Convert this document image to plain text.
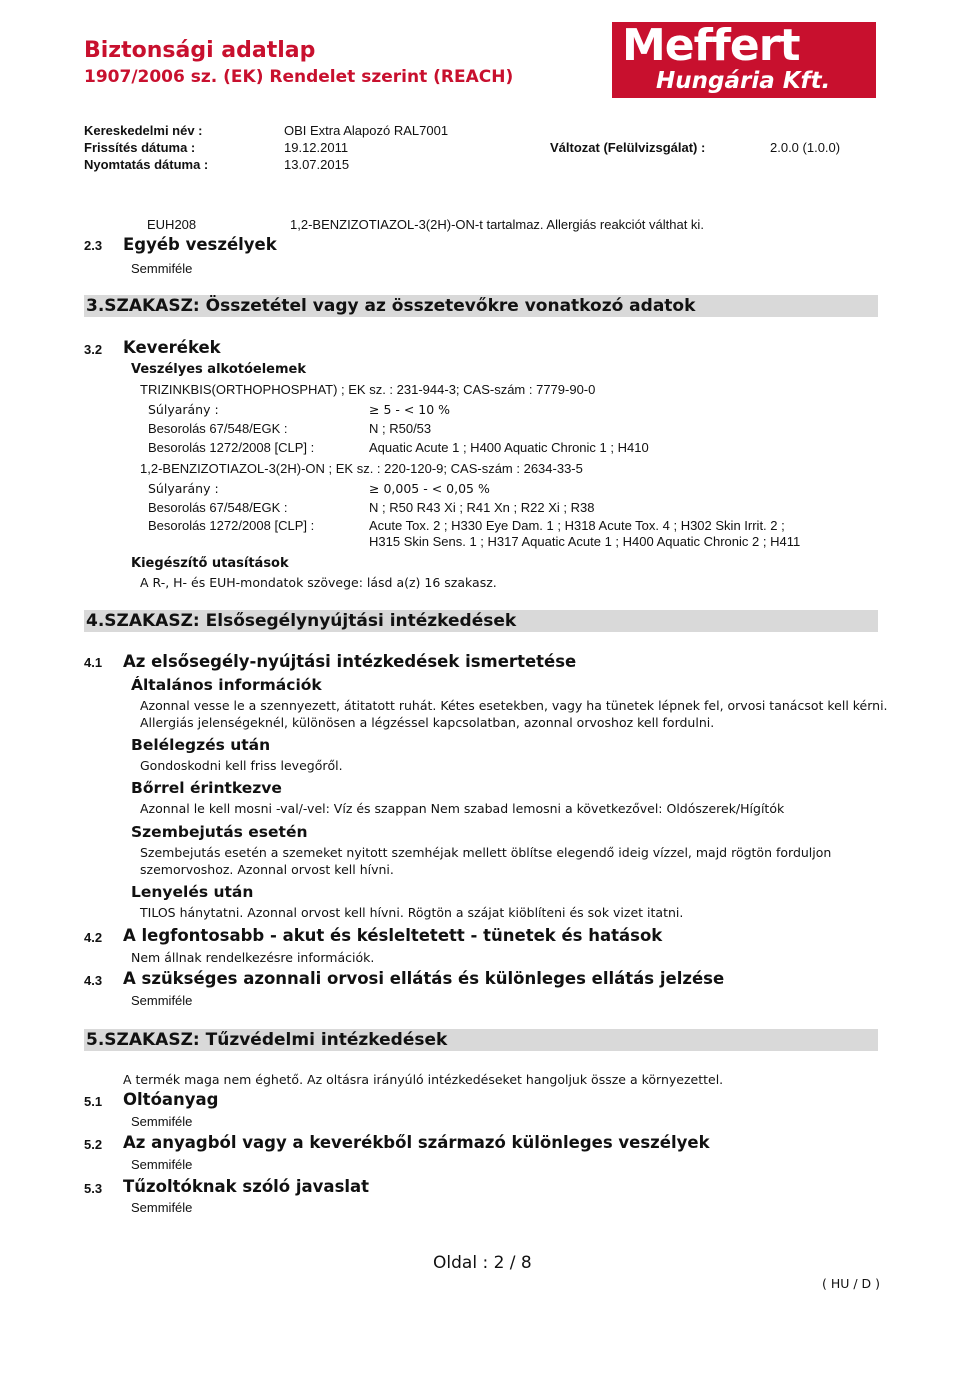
Biztonsági adatlap
1907/2006 sz. (EK) Rendelet szerint (REACH)
Meffert
Hungária Kft.
Kereskedelmi név :	OBI Extra Alapozó RAL7001
Frissítés dátuma :	19.12.2011	Változat (Felülvizsgálat) :	2.0.0 (1.0.0)
Nyomtatás dátuma :	13.07.2015
EUH208	1,2-BENZIZOTIAZOL-3(2H)-ON-t tartalmaz. Allergiás reakciót válthat ki.
2.3 Egyéb veszélyek
Semmiféle
3.SZAKASZ: Összetétel vagy az összetevőkre vonatkozó adatok
3.2 Keverékek
Veszélyes alkotóelemek
TRIZINKBIS(ORTHOPHOSPHAT) ; EK sz. : 231-944-3; CAS-szám : 7779-90-0
Súlyarány :	≥ 5 - < 10 %
Besorolás 67/548/EGK :	N ; R50/53
Besorolás 1272/2008 [CLP] :	Aquatic Acute 1 ; H400 Aquatic Chronic 1 ; H410
1,2-BENZIZOTIAZOL-3(2H)-ON ; EK sz. : 220-120-9; CAS-szám : 2634-33-5
Súlyarány :	≥ 0,005 - < 0,05 %
Besorolás 67/548/EGK :	N ; R50 R43 Xi ; R41 Xn ; R22 Xi ; R38
Besorolás 1272/2008 [CLP] :	Acute Tox. 2 ; H330 Eye Dam. 1 ; H318 Acute Tox. 4 ; H302 Skin Irrit. 2 ;
H315 Skin Sens. 1 ; H317 Aquatic Acute 1 ; H400 Aquatic Chronic 2 ; H411
Kiegészítő utasítások
A R-, H- és EUH-mondatok szövege: lásd a(z) 16 szakasz.
4.SZAKASZ: Elsősegélynyújtási intézkedések
4.1 Az elsősegély-nyújtási intézkedések ismertetése
Általános információk
Azonnal vesse le a szennyezett, átitatott ruhát. Kétes esetekben, vagy ha tünetek lépnek fel, orvosi tanácsot kell kérni.
Allergiás jelenségeknél, különösen a légzéssel kapcsolatban, azonnal orvoshoz kell fordulni.
Belélegzés után
Gondoskodni kell friss levegőről.
Bőrrel érintkezve
Azonnal le kell mosni -val/-vel: Víz és szappan Nem szabad lemosni a következővel: Oldószerek/Hígítók
Szembejutás esetén
Szembejutás esetén a szemeket nyitott szemhéjak mellett öblítse elegendő ideig vízzel, majd rögtön forduljon
szemorvoshoz. Azonnal orvost kell hívni.
Lenyelés után
TILOS hánytatni. Azonnal orvost kell hívni. Rögtön a szájat kiöblíteni és sok vizet itatni.
4.2 A legfontosabb - akut és késleltetett - tünetek és hatások
Nem állnak rendelkezésre információk.
4.3 A szükséges azonnali orvosi ellátás és különleges ellátás jelzése
Semmiféle
5.SZAKASZ: Tűzvédelmi intézkedések
A termék maga nem éghető. Az oltásra irányúló intézkedéseket hangoljuk össze a környezettel.
5.1 Oltóanyag
Semmiféle
5.2 Az anyagból vagy a keverékből származó különleges veszélyek
Semmiféle
5.3 Tűzoltóknak szóló javaslat
Semmiféle
Oldal : 2 / 8
( HU / D )
